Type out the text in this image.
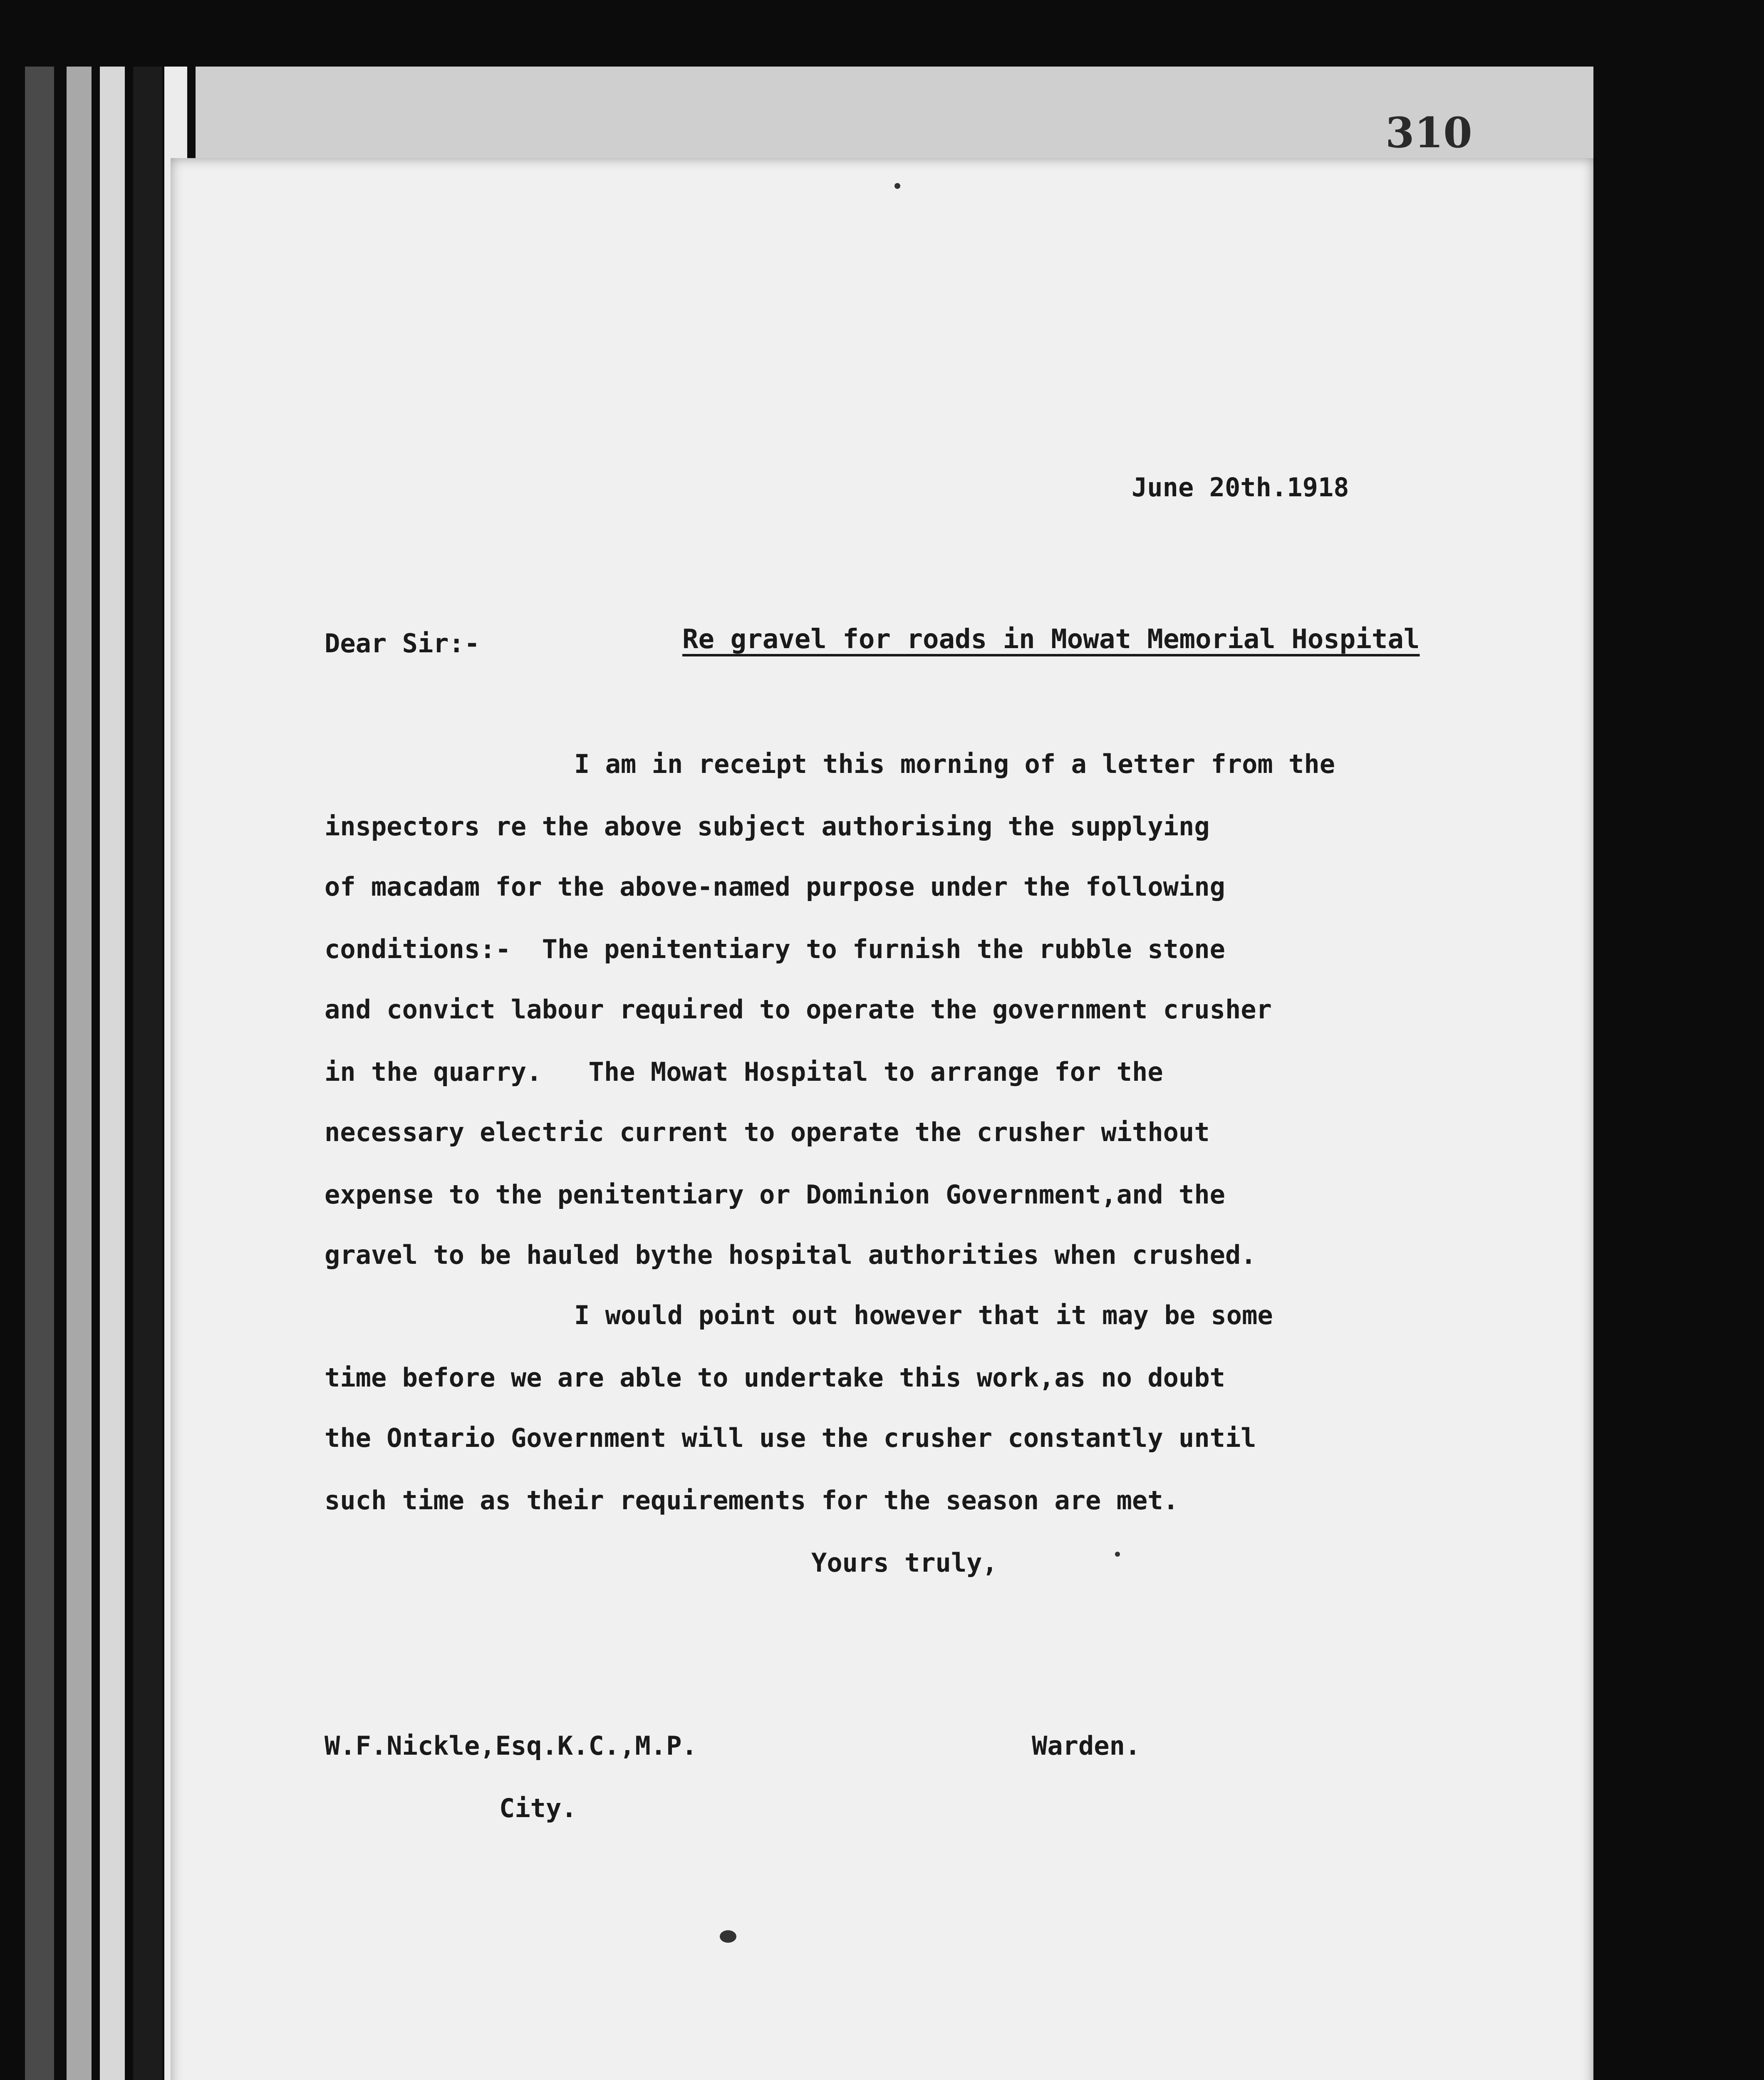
310
June 20th.1918
Dear Sir:-	Re gravel for roads in Mowat Memorial Hospital
I am in receipt this morning of a letter from the
inspectors re the above subject authorising the supplying
of macadam for the above-named purpose under the following
conditions:-  The penitentiary to furnish the rubble stone
and convict labour required to operate the government crusher
in the quarry.   The Mowat Hospital to arrange for the
necessary electric current to operate the crusher without
expense to the penitentiary or Dominion Government,and the
gravel to be hauled bythe hospital authorities when crushed.
I would point out however that it may be some
time before we are able to undertake this work,as no doubt
the Ontario Government will use the crusher constantly until
such time as their requirements for the season are met.
Yours truly,
W.F.Nickle,Esq.K.C.,M.P.
City.
Warden.
